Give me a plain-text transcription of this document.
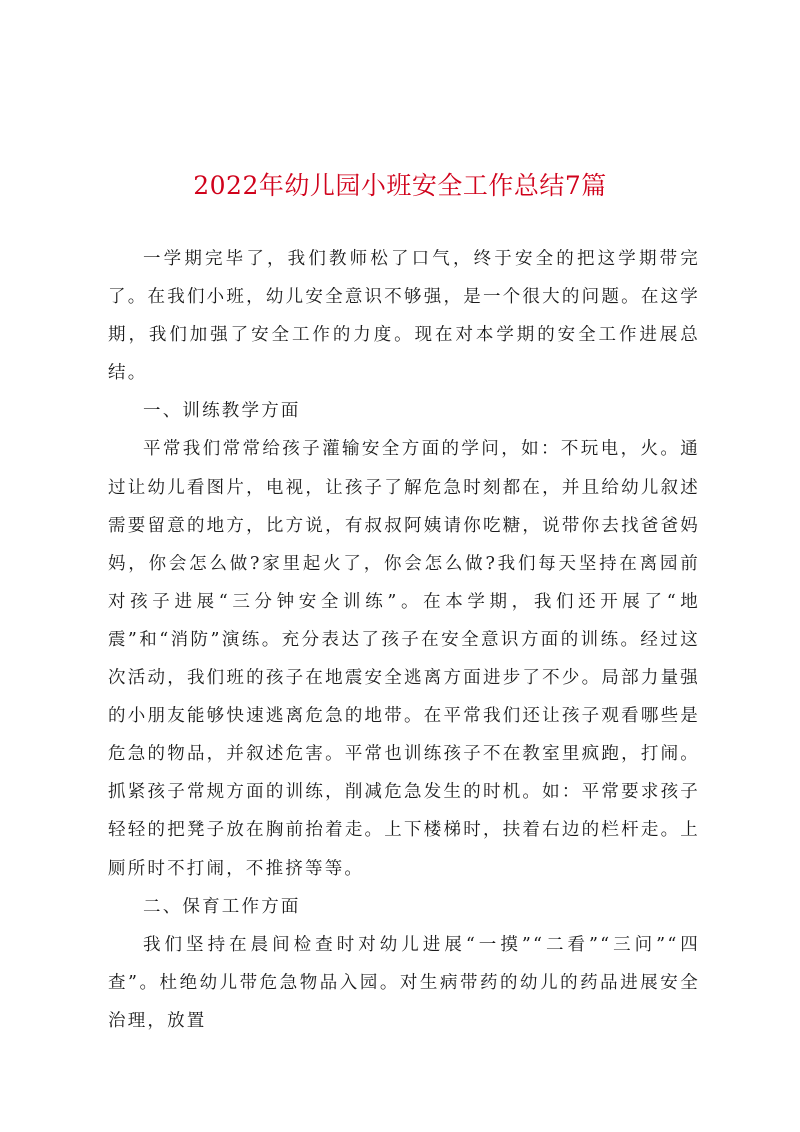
2022年幼儿园小班安全工作总结7篇

一学期完毕了，我们教师松了口气，终于安全的把这学期带完了。在我们小班，幼儿安全意识不够强，是一个很大的问题。在这学期，我们加强了安全工作的力度。现在对本学期的安全工作进展总结。

一、训练教学方面

平常我们常常给孩子灌输安全方面的学问，如：不玩电，火。通过让幼儿看图片，电视，让孩子了解危急时刻都在，并且给幼儿叙述需要留意的地方，比方说，有叔叔阿姨请你吃糖，说带你去找爸爸妈妈，你会怎么做?家里起火了，你会怎么做?我们每天坚持在离园前对孩子进展“三分钟安全训练”。在本学期，我们还开展了“地震”和“消防”演练。充分表达了孩子在安全意识方面的训练。经过这次活动，我们班的孩子在地震安全逃离方面进步了不少。局部力量强的小朋友能够快速逃离危急的地带。在平常我们还让孩子观看哪些是危急的物品，并叙述危害。平常也训练孩子不在教室里疯跑，打闹。抓紧孩子常规方面的训练，削减危急发生的时机。如：平常要求孩子轻轻的把凳子放在胸前抬着走。上下楼梯时，扶着右边的栏杆走。上厕所时不打闹，不推挤等等。

二、保育工作方面

我们坚持在晨间检查时对幼儿进展“一摸”“二看”“三问”“四查”。杜绝幼儿带危急物品入园。对生病带药的幼儿的药品进展安全治理，放置
